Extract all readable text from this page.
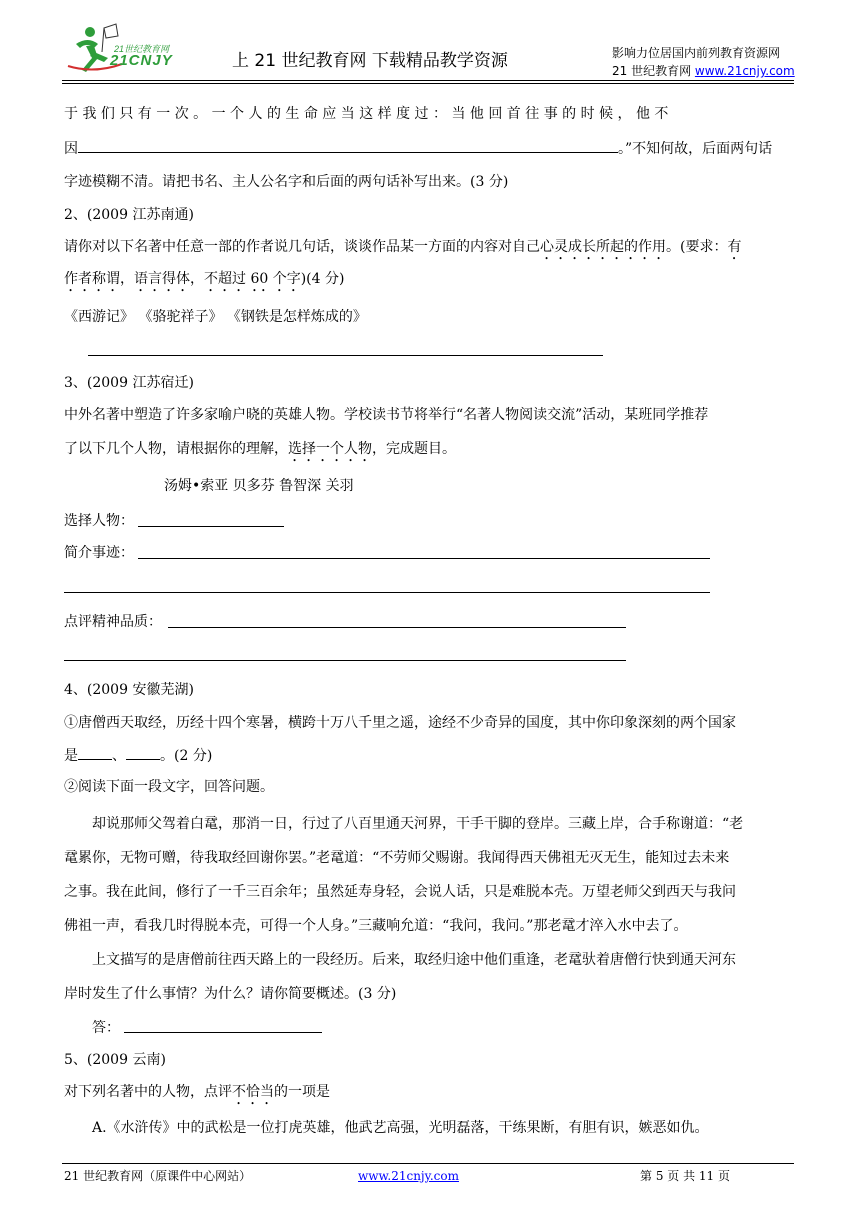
21世纪教育网
21CNJY	上 21 世纪教育网 下载精品教学资源	影响力位居国内前列教育资源网
21 世纪教育网 www.21cnjy.com
于 我 们 只 有 一 次 。 一 个 人 的 生 命 应 当 这 样 度 过 ： 当 他 回 首 往 事 的 时 候 ， 他 不
因	。”不知何故，后面两句话
字迹模糊不清。请把书名、主人公名字和后面的两句话补写出来。(3 分)
2、(2009 江苏南通)
请你对以下名著中任意一部的作者说几句话，谈谈作品某一方面的内容对自己心灵成长所起的作用。(要求：有
作者称谓，语言得体，不超过 60 个字)(4 分)
《西游记》 《骆驼祥子》 《钢铁是怎样炼成的》
3、(2009 江苏宿迁)
中外名著中塑造了许多家喻户晓的英雄人物。学校读书节将举行“名著人物阅读交流”活动，某班同学推荐
了以下几个人物，请根据你的理解，选择一个人物，完成题目。
汤姆•索亚 贝多芬 鲁智深 关羽
选择人物：
简介事迹：
点评精神品质：
4、(2009 安徽芜湖)
①唐僧西天取经，历经十四个寒暑，横跨十万八千里之遥，途经不少奇异的国度，其中你印象深刻的两个国家
是 、 。(2 分)
②阅读下面一段文字，回答问题。
却说那师父驾着白鼋，那消一日，行过了八百里通天河界，干手干脚的登岸。三藏上岸，合手称谢道：“老
鼋累你，无物可赠，待我取经回谢你罢。”老鼋道：“不劳师父赐谢。我闻得西天佛祖无灭无生，能知过去未来
之事。我在此间，修行了一千三百余年；虽然延寿身轻，会说人话，只是难脱本壳。万望老师父到西天与我问
佛祖一声，看我几时得脱本壳，可得一个人身。”三藏响允道：“我问，我问。”那老鼋才淬入水中去了。
上文描写的是唐僧前往西天路上的一段经历。后来，取经归途中他们重逢，老鼋驮着唐僧行快到通天河东
岸时发生了什么事情？为什么？请你简要概述。(3 分)
答：
5、(2009 云南)
对下列名著中的人物，点评不恰当的一项是
A.《水浒传》中的武松是一位打虎英雄，他武艺高强，光明磊落，干练果断，有胆有识，嫉恶如仇。
21 世纪教育网（原课件中心网站）	www.21cnjy.com	第 5 页 共 11 页
